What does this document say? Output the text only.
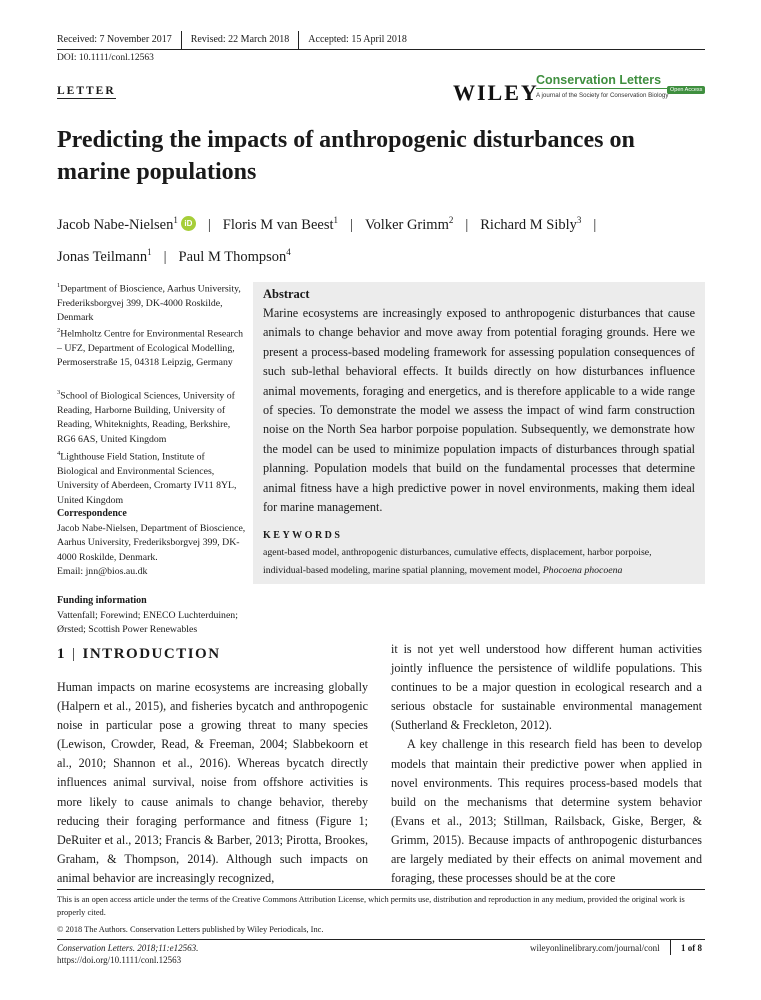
Received: 7 November 2017	Revised: 22 March 2018	Accepted: 15 April 2018
DOI: 10.1111/conl.12563
LETTER	WILEY
Conservation Letters
Open Access
A journal of the Society for Conservation Biology
Predicting the impacts of anthropogenic disturbances on marine populations
Jacob Nabe-Nielsen$^1$ iD | Floris M van Beest$^1$ | Volker Grimm$^2$ | Richard M Sibly$^3$ |
Jonas Teilmann$^1$ | Paul M Thompson$^4$
$^1$Department of Bioscience, Aarhus University, Frederiksborgvej 399, DK-4000 Roskilde, Denmark
$^2$Helmholtz Centre for Environmental Research – UFZ, Department of Ecological Modelling, Permoserstraße 15, 04318 Leipzig, Germany
$^3$School of Biological Sciences, University of Reading, Harborne Building, University of Reading, Whiteknights, Reading, Berkshire, RG6 6AS, United Kingdom
$^4$Lighthouse Field Station, Institute of Biological and Environmental Sciences, University of Aberdeen, Cromarty IV11 8YL, United Kingdom
Correspondence
Jacob Nabe-Nielsen, Department of Bioscience, Aarhus University, Frederiksborgvej 399, DK-4000 Roskilde, Denmark.
Email: jnn@bios.au.dk
Funding information
Vattenfall; Forewind; ENECO Luchterduinen; Ørsted; Scottish Power Renewables
Abstract
Marine ecosystems are increasingly exposed to anthropogenic disturbances that cause animals to change behavior and move away from potential foraging grounds. Here we present a process-based modeling framework for assessing population consequences of such sub-lethal behavioral effects. It builds directly on how disturbances influence animal movements, foraging and energetics, and is therefore applicable to a wide range of species. To demonstrate the model we assess the impact of wind farm construction noise on the North Sea harbor porpoise population. Subsequently, we demonstrate how the model can be used to minimize population impacts of disturbances through spatial planning. Population models that build on the fundamental processes that determine animal fitness have a high predictive power in novel environments, making them ideal for marine management.
KEYWORDS
agent-based model, anthropogenic disturbances, cumulative effects, displacement, harbor porpoise, individual-based modeling, marine spatial planning, movement model, Phocoena phocoena
1 | INTRODUCTION

Human impacts on marine ecosystems are increasing globally (Halpern et al., 2015), and fisheries bycatch and anthropogenic noise in particular pose a growing threat to many species (Lewison, Crowder, Read, & Freeman, 2004; Slabbekoorn et al., 2010; Shannon et al., 2016). Whereas bycatch directly influences animal survival, noise from offshore activities is more likely to cause animals to change behavior, thereby reducing their foraging performance and fitness (Figure 1; DeRuiter et al., 2013; Francis & Barber, 2013; Pirotta, Brookes, Graham, & Thompson, 2014). Although such impacts on animal behavior are increasingly recognized,

it is not yet well understood how different human activities jointly influence the persistence of wildlife populations. This continues to be a major question in ecological research and a serious obstacle for sustainable environmental management (Sutherland & Freckleton, 2012).

A key challenge in this research field has been to develop models that maintain their predictive power when applied in novel environments. This requires process-based models that build on the mechanisms that determine system behavior (Evans et al., 2013; Stillman, Railsback, Giske, Berger, & Grimm, 2015). Because impacts of anthropogenic disturbances are largely mediated by their effects on animal movement and foraging, these processes should be at the core

This is an open access article under the terms of the Creative Commons Attribution License, which permits use, distribution and reproduction in any medium, provided the original work is properly cited.
© 2018 The Authors. Conservation Letters published by Wiley Periodicals, Inc.
Conservation Letters. 2018;11:e12563.
https://doi.org/10.1111/conl.12563
wileyonlinelibrary.com/journal/conl	1 of 8
